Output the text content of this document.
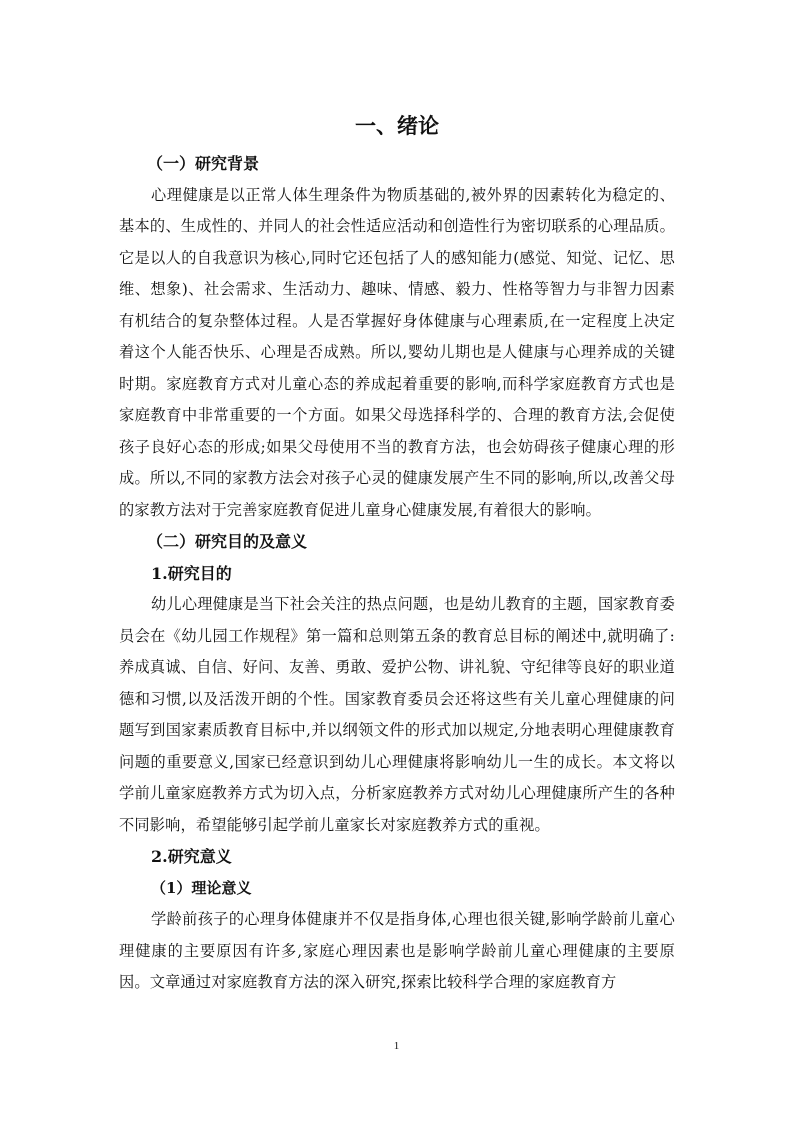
一、绪论
（一）研究背景

心理健康是以正常人体生理条件为物质基础的,被外界的因素转化为稳定的、基本的、生成性的、并同人的社会性适应活动和创造性行为密切联系的心理品质。它是以人的自我意识为核心,同时它还包括了人的感知能力(感觉、知觉、记忆、思维、想象)、社会需求、生活动力、趣味、情感、毅力、性格等智力与非智力因素有机结合的复杂整体过程。人是否掌握好身体健康与心理素质,在一定程度上决定着这个人能否快乐、心理是否成熟。所以,婴幼儿期也是人健康与心理养成的关键时期。家庭教育方式对儿童心态的养成起着重要的影响,而科学家庭教育方式也是家庭教育中非常重要的一个方面。如果父母选择科学的、合理的教育方法,会促使孩子良好心态的形成;如果父母使用不当的教育方法，也会妨碍孩子健康心理的形成。所以,不同的家教方法会对孩子心灵的健康发展产生不同的影响,所以,改善父母的家教方法对于完善家庭教育促进儿童身心健康发展,有着很大的影响。

（二）研究目的及意义
1.研究目的

幼儿心理健康是当下社会关注的热点问题，也是幼儿教育的主题，国家教育委员会在《幼儿园工作规程》第一篇和总则第五条的教育总目标的阐述中,就明确了:养成真诚、自信、好问、友善、勇敢、爱护公物、讲礼貌、守纪律等良好的职业道德和习惯,以及活泼开朗的个性。国家教育委员会还将这些有关儿童心理健康的问题写到国家素质教育目标中,并以纲领文件的形式加以规定,分地表明心理健康教育问题的重要意义,国家已经意识到幼儿心理健康将影响幼儿一生的成长。本文将以学前儿童家庭教养方式为切入点，分析家庭教养方式对幼儿心理健康所产生的各种不同影响，希望能够引起学前儿童家长对家庭教养方式的重视。

2.研究意义
（1）理论意义

学龄前孩子的心理身体健康并不仅是指身体,心理也很关键,影响学龄前儿童心理健康的主要原因有许多,家庭心理因素也是影响学龄前儿童心理健康的主要原因。文章通过对家庭教育方法的深入研究,探索比较科学合理的家庭教育方

1
